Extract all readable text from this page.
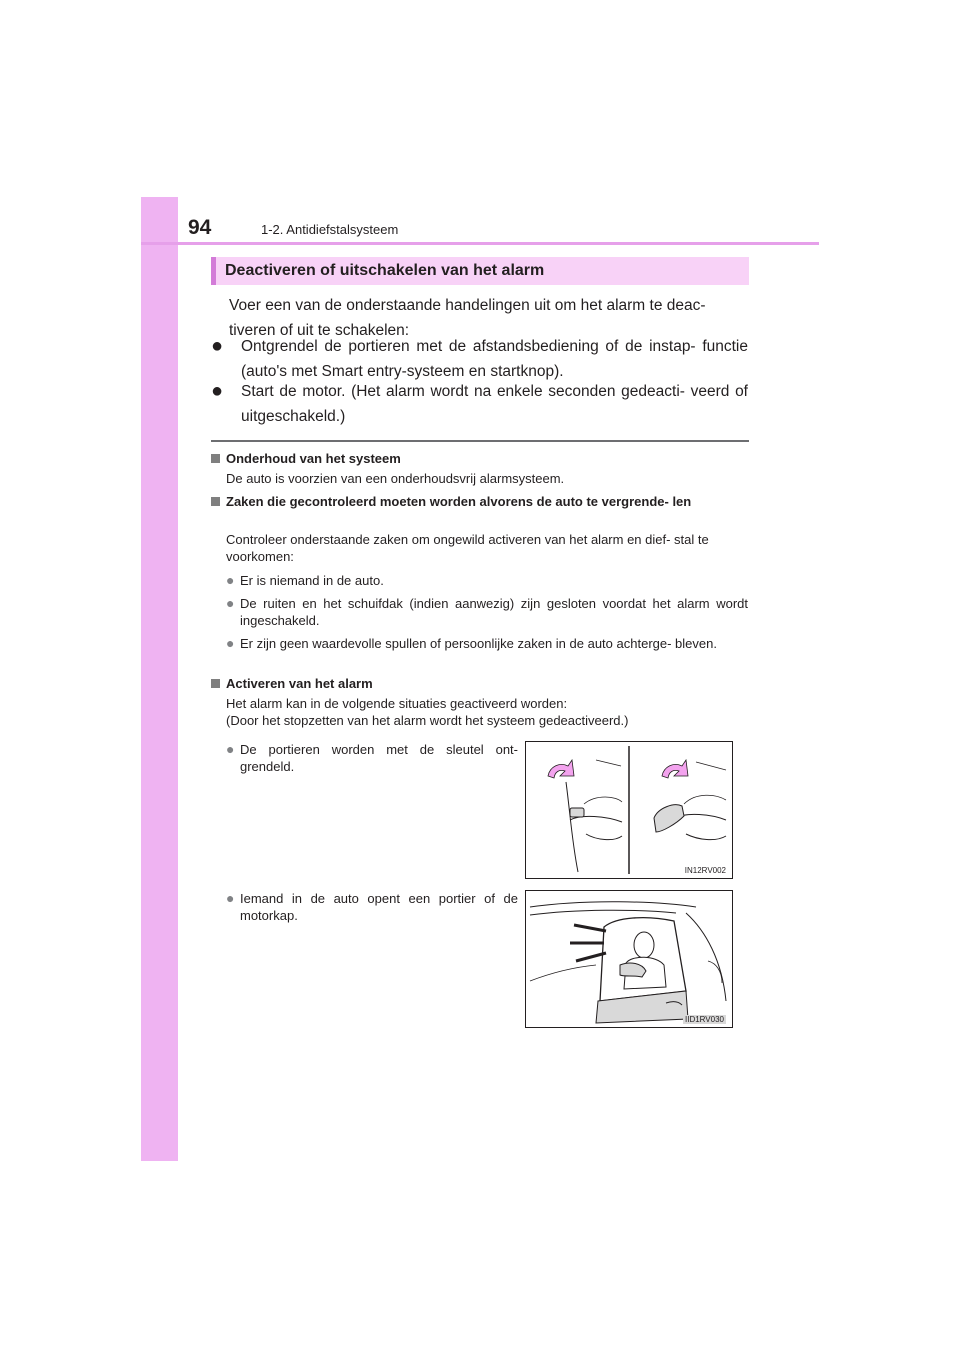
94	1-2. Antidiefstalsysteem
Deactiveren of uitschakelen van het alarm
Voer een van de onderstaande handelingen uit om het alarm te deac- tiveren of uit te schakelen:
● Ontgrendel de portieren met de afstandsbediening of de instap- functie (auto's met Smart entry-systeem en startknop).
● Start de motor. (Het alarm wordt na enkele seconden gedeacti- veerd of uitgeschakeld.)
Onderhoud van het systeem
De auto is voorzien van een onderhoudsvrij alarmsysteem.
Zaken die gecontroleerd moeten worden alvorens de auto te vergrende- len
Controleer onderstaande zaken om ongewild activeren van het alarm en dief- stal te voorkomen:
● Er is niemand in de auto.
● De ruiten en het schuifdak (indien aanwezig) zijn gesloten voordat het alarm wordt ingeschakeld.
● Er zijn geen waardevolle spullen of persoonlijke zaken in de auto achterge- bleven.
Activeren van het alarm
Het alarm kan in de volgende situaties geactiveerd worden:
(Door het stopzetten van het alarm wordt het systeem gedeactiveerd.)
● De portieren worden met de sleutel ont- grendeld.
● Iemand in de auto opent een portier of de motorkap.
IN12RV002
IID1RV030
